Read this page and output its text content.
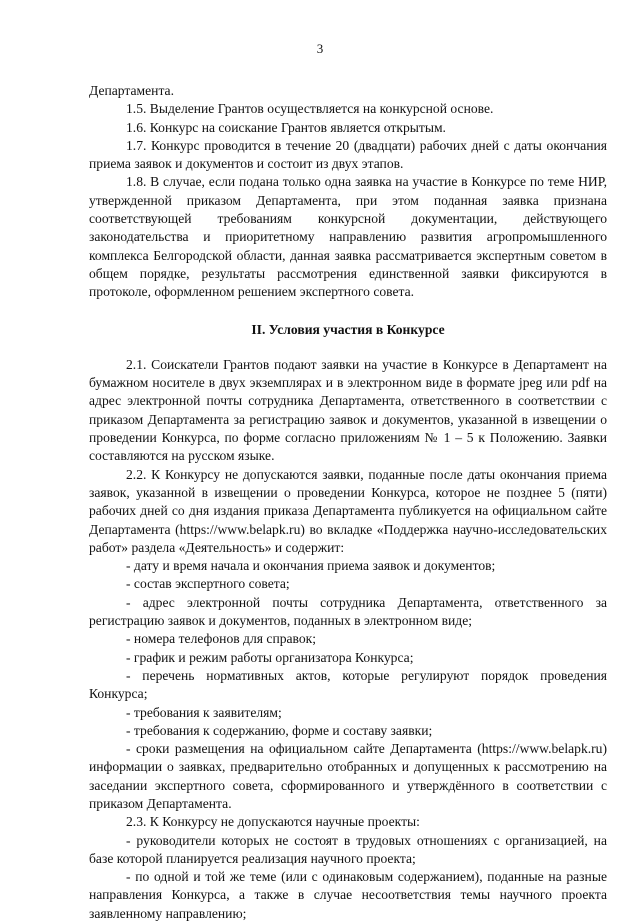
3

Департамента.

1.5. Выделение Грантов осуществляется на конкурсной основе.

1.6. Конкурс на соискание Грантов является открытым.

1.7. Конкурс проводится в течение 20 (двадцати) рабочих дней с даты окончания приема заявок и документов и состоит из двух этапов.

1.8. В случае, если подана только одна заявка на участие в Конкурсе по теме НИР, утвержденной приказом Департамента, при этом поданная заявка признана соответствующей требованиям конкурсной документации, действующего законодательства и приоритетному направлению развития агропромышленного комплекса Белгородской области, данная заявка рассматривается экспертным советом в общем порядке, результаты рассмотрения единственной заявки фиксируются в протоколе, оформленном решением экспертного совета.

II. Условия участия в Конкурсе

2.1. Соискатели Грантов подают заявки на участие в Конкурсе в Департамент на бумажном носителе в двух экземплярах и в электронном виде в формате jpeg или pdf на адрес электронной почты сотрудника Департамента, ответственного в соответствии с приказом Департамента за регистрацию заявок и документов, указанной в извещении о проведении Конкурса, по форме согласно приложениям № 1 – 5 к Положению. Заявки составляются на русском языке.

2.2. К Конкурсу не допускаются заявки, поданные после даты окончания приема заявок, указанной в извещении о проведении Конкурса, которое не позднее 5 (пяти) рабочих дней со дня издания приказа Департамента публикуется на официальном сайте Департамента (https://www.belapk.ru) во вкладке «Поддержка научно-исследовательских работ» раздела «Деятельность» и содержит:

- дату и время начала и окончания приема заявок и документов;

- состав экспертного совета;

- адрес электронной почты сотрудника Департамента, ответственного за регистрацию заявок и документов, поданных в электронном виде;

- номера телефонов для справок;

- график и режим работы организатора Конкурса;

- перечень нормативных актов, которые регулируют порядок проведения Конкурса;

- требования к заявителям;

- требования к содержанию, форме и составу заявки;

- сроки размещения на официальном сайте Департамента (https://www.belapk.ru) информации о заявках, предварительно отобранных и допущенных к рассмотрению на заседании экспертного совета, сформированного и утверждённого в соответствии с приказом Департамента.

2.3. К Конкурсу не допускаются научные проекты:

- руководители которых не состоят в трудовых отношениях с организацией, на базе которой планируется реализация научного проекта;

- по одной и той же теме (или с одинаковым содержанием), поданные на разные направления Конкурса, а также в случае несоответствия темы научного проекта заявленному направлению;
